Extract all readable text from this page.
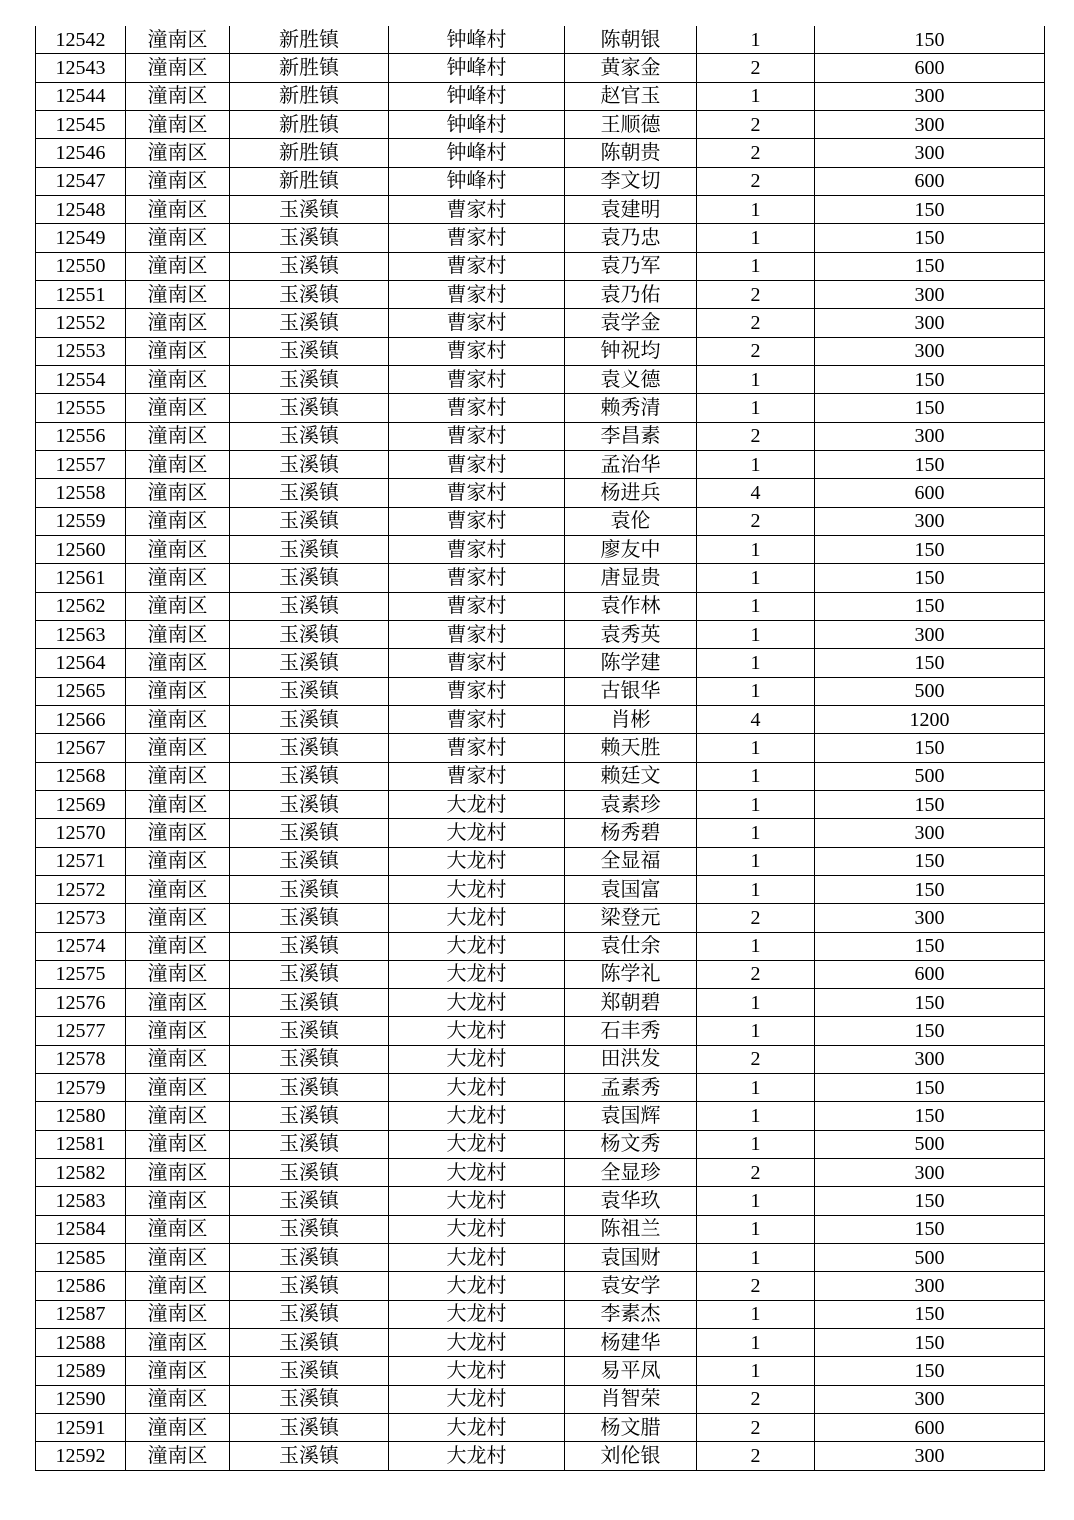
12542	潼南区	新胜镇	钟峰村	陈朝银	1	150
12543	潼南区	新胜镇	钟峰村	黄家金	2	600
12544	潼南区	新胜镇	钟峰村	赵官玉	1	300
12545	潼南区	新胜镇	钟峰村	王顺德	2	300
12546	潼南区	新胜镇	钟峰村	陈朝贵	2	300
12547	潼南区	新胜镇	钟峰村	李文切	2	600
12548	潼南区	玉溪镇	曹家村	袁建明	1	150
12549	潼南区	玉溪镇	曹家村	袁乃忠	1	150
12550	潼南区	玉溪镇	曹家村	袁乃军	1	150
12551	潼南区	玉溪镇	曹家村	袁乃佑	2	300
12552	潼南区	玉溪镇	曹家村	袁学金	2	300
12553	潼南区	玉溪镇	曹家村	钟祝均	2	300
12554	潼南区	玉溪镇	曹家村	袁义德	1	150
12555	潼南区	玉溪镇	曹家村	赖秀清	1	150
12556	潼南区	玉溪镇	曹家村	李昌素	2	300
12557	潼南区	玉溪镇	曹家村	孟治华	1	150
12558	潼南区	玉溪镇	曹家村	杨进兵	4	600
12559	潼南区	玉溪镇	曹家村	袁伦	2	300
12560	潼南区	玉溪镇	曹家村	廖友中	1	150
12561	潼南区	玉溪镇	曹家村	唐显贵	1	150
12562	潼南区	玉溪镇	曹家村	袁作林	1	150
12563	潼南区	玉溪镇	曹家村	袁秀英	1	300
12564	潼南区	玉溪镇	曹家村	陈学建	1	150
12565	潼南区	玉溪镇	曹家村	古银华	1	500
12566	潼南区	玉溪镇	曹家村	肖彬	4	1200
12567	潼南区	玉溪镇	曹家村	赖天胜	1	150
12568	潼南区	玉溪镇	曹家村	赖廷文	1	500
12569	潼南区	玉溪镇	大龙村	袁素珍	1	150
12570	潼南区	玉溪镇	大龙村	杨秀碧	1	300
12571	潼南区	玉溪镇	大龙村	全显福	1	150
12572	潼南区	玉溪镇	大龙村	袁国富	1	150
12573	潼南区	玉溪镇	大龙村	梁登元	2	300
12574	潼南区	玉溪镇	大龙村	袁仕余	1	150
12575	潼南区	玉溪镇	大龙村	陈学礼	2	600
12576	潼南区	玉溪镇	大龙村	郑朝碧	1	150
12577	潼南区	玉溪镇	大龙村	石丰秀	1	150
12578	潼南区	玉溪镇	大龙村	田洪发	2	300
12579	潼南区	玉溪镇	大龙村	孟素秀	1	150
12580	潼南区	玉溪镇	大龙村	袁国辉	1	150
12581	潼南区	玉溪镇	大龙村	杨文秀	1	500
12582	潼南区	玉溪镇	大龙村	全显珍	2	300
12583	潼南区	玉溪镇	大龙村	袁华玖	1	150
12584	潼南区	玉溪镇	大龙村	陈祖兰	1	150
12585	潼南区	玉溪镇	大龙村	袁国财	1	500
12586	潼南区	玉溪镇	大龙村	袁安学	2	300
12587	潼南区	玉溪镇	大龙村	李素杰	1	150
12588	潼南区	玉溪镇	大龙村	杨建华	1	150
12589	潼南区	玉溪镇	大龙村	易平凤	1	150
12590	潼南区	玉溪镇	大龙村	肖智荣	2	300
12591	潼南区	玉溪镇	大龙村	杨文腊	2	600
12592	潼南区	玉溪镇	大龙村	刘伦银	2	300
